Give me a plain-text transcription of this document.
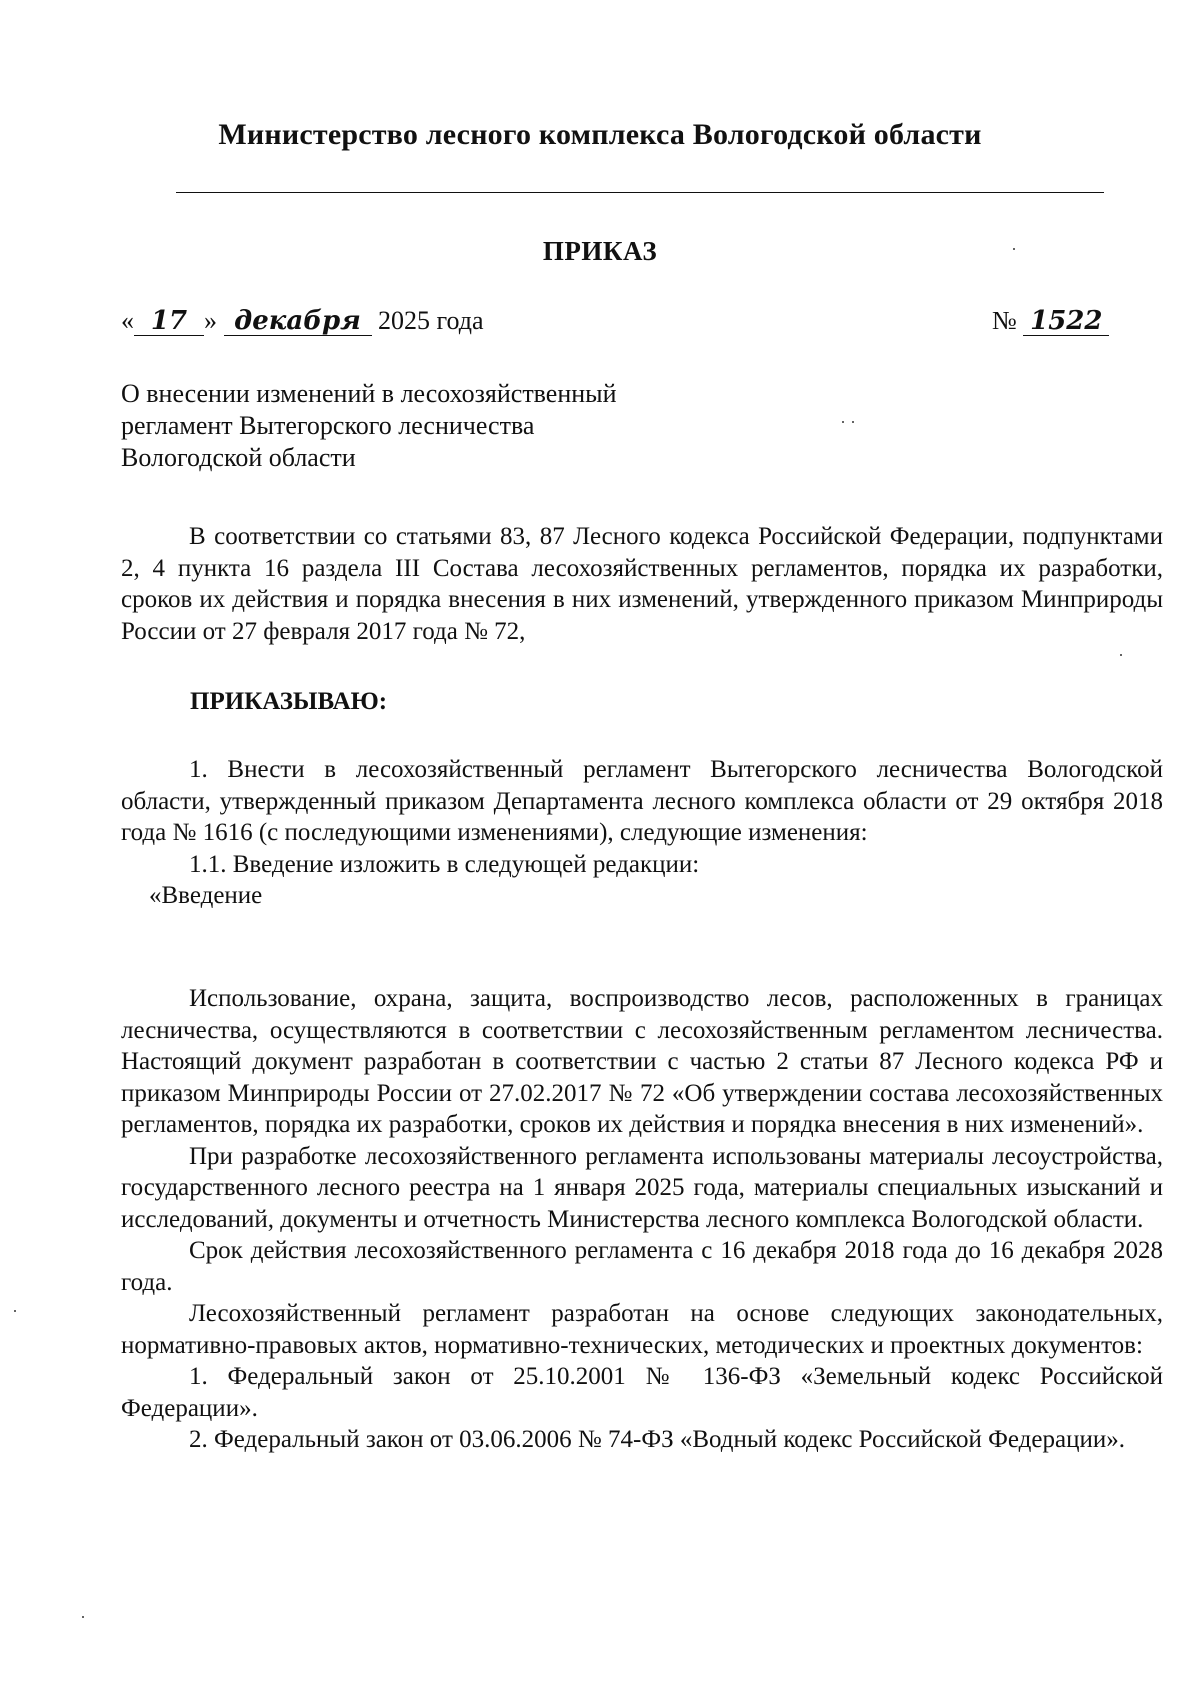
Министерство лесного комплекса Вологодской области
ПРИКАЗ
« 17 » декабря 2025 года	№ 1522
О внесении изменений в лесохозяйственный
регламент Вытегорского лесничества
Вологодской области

В соответствии со статьями 83, 87 Лесного кодекса Российской Федерации, подпунктами 2, 4 пункта 16 раздела III Состава лесохозяйственных регламентов, порядка их разработки, сроков их действия и порядка внесения в них изменений, утвержденного приказом Минприроды России от 27 февраля 2017 года № 72,

ПРИКАЗЫВАЮ:

1. Внести в лесохозяйственный регламент Вытегорского лесничества Вологодской области, утвержденный приказом Департамента лесного комплекса области от 29 октября 2018 года № 1616 (с последующими изменениями), следующие изменения:

1.1. Введение изложить в следующей редакции:

«Введение

Использование, охрана, защита, воспроизводство лесов, расположенных в границах лесничества, осуществляются в соответствии с лесохозяйственным регламентом лесничества. Настоящий документ разработан в соответствии с частью 2 статьи 87 Лесного кодекса РФ и приказом Минприроды России от 27.02.2017 № 72 «Об утверждении состава лесохозяйственных регламентов, порядка их разработки, сроков их действия и порядка внесения в них изменений».

При разработке лесохозяйственного регламента использованы материалы лесоустройства, государственного лесного реестра на 1 января 2025 года, материалы специальных изысканий и исследований, документы и отчетность Министерства лесного комплекса Вологодской области.

Срок действия лесохозяйственного регламента с 16 декабря 2018 года до 16 декабря 2028 года.

Лесохозяйственный регламент разработан на основе следующих законодательных, нормативно-правовых актов, нормативно-технических, методических и проектных документов:

1. Федеральный закон от 25.10.2001 № 136-ФЗ «Земельный кодекс Российской Федерации».

2. Федеральный закон от 03.06.2006 № 74-ФЗ «Водный кодекс Российской Федерации».
